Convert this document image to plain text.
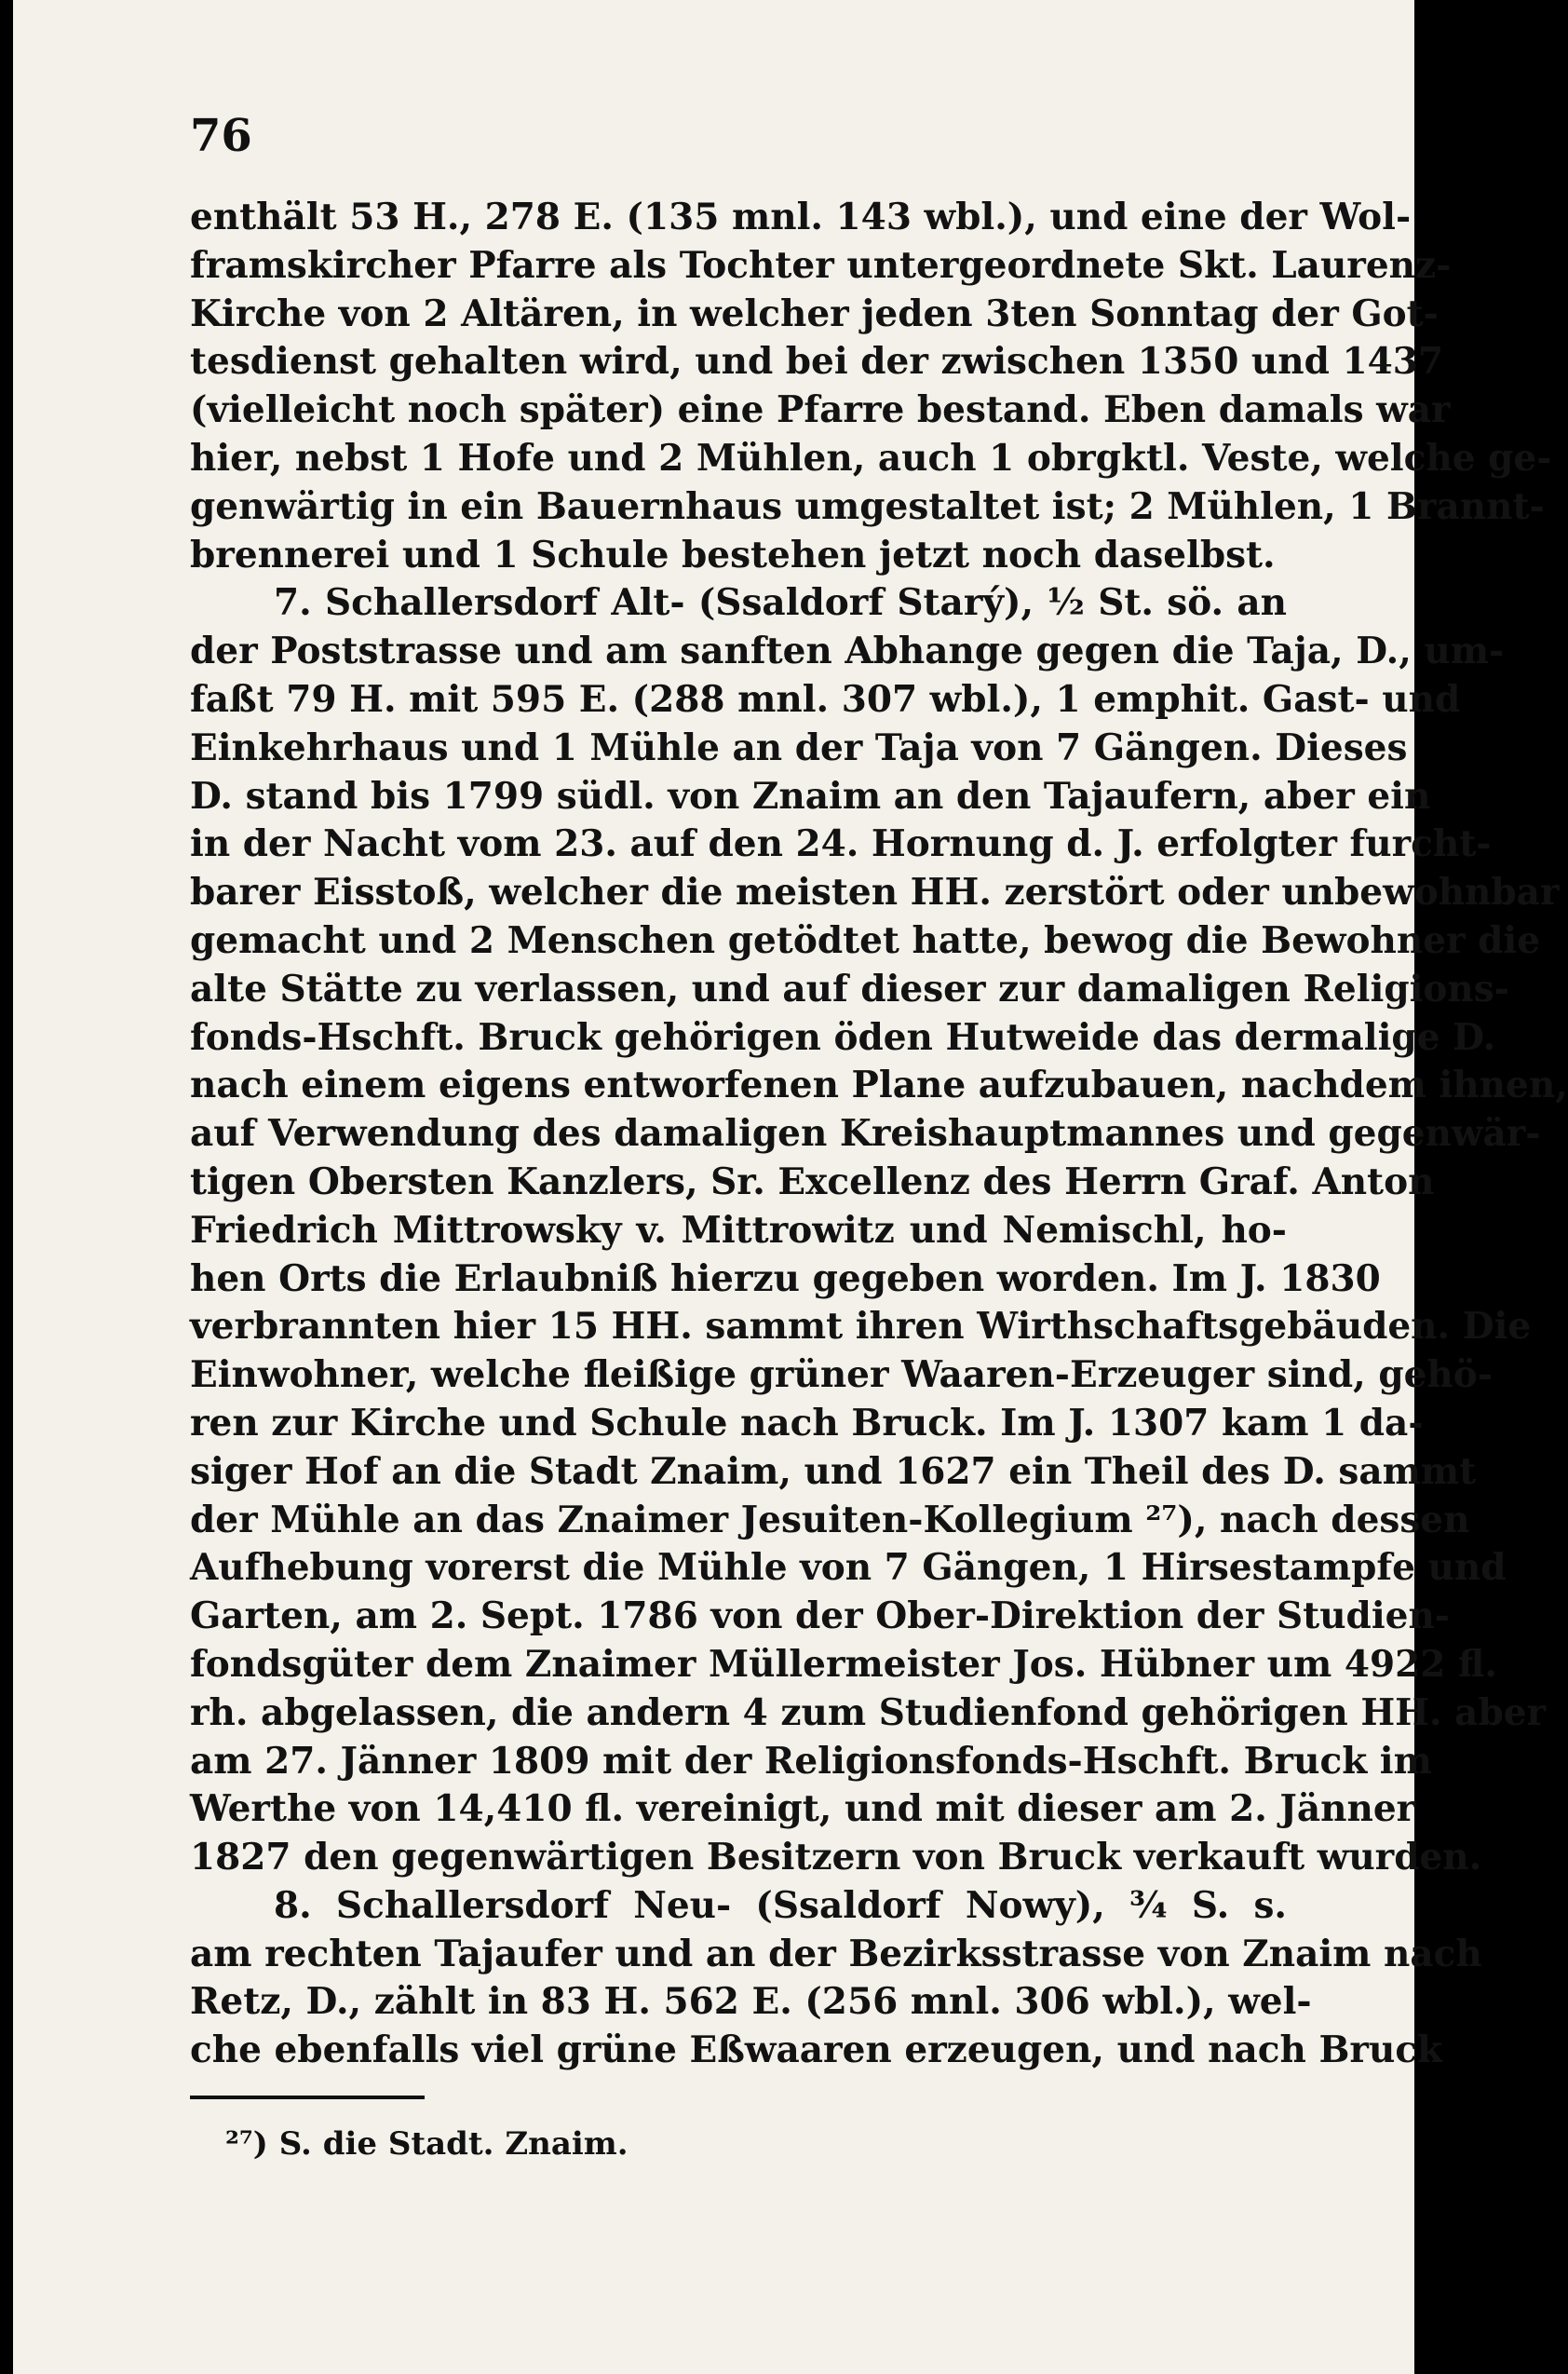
76
enthält 53 H., 278 E. (135 mnl. 143 wbl.), und eine der Wol-
framskircher Pfarre als Tochter untergeordnete Skt. Laurenz-
Kirche von 2 Altären, in welcher jeden 3ten Sonntag der Got-
tesdienst gehalten wird, und bei der zwischen 1350 und 1437
(vielleicht noch später) eine Pfarre bestand. Eben damals war
hier, nebst 1 Hofe und 2 Mühlen, auch 1 obrgktl. Veste, welche ge-
genwärtig in ein Bauernhaus umgestaltet ist; 2 Mühlen, 1 Brannt-
brennerei und 1 Schule bestehen jetzt noch daselbst.
7. Schallersdorf Alt- (Ssaldorf Starý), ½ St. sö. an
der Poststrasse und am sanften Abhange gegen die Taja, D., um-
faßt 79 H. mit 595 E. (288 mnl. 307 wbl.), 1 emphit. Gast- und
Einkehrhaus und 1 Mühle an der Taja von 7 Gängen. Dieses
D. stand bis 1799 südl. von Znaim an den Tajaufern, aber ein
in der Nacht vom 23. auf den 24. Hornung d. J. erfolgter furcht-
barer Eisstoß, welcher die meisten HH. zerstört oder unbewohnbar
gemacht und 2 Menschen getödtet hatte, bewog die Bewohner die
alte Stätte zu verlassen, und auf dieser zur damaligen Religions-
fonds-Hschft. Bruck gehörigen öden Hutweide das dermalige D.
nach einem eigens entworfenen Plane aufzubauen, nachdem ihnen,
auf Verwendung des damaligen Kreishauptmannes und gegenwär-
tigen Obersten Kanzlers, Sr. Excellenz des Herrn Graf. Anton
Friedrich Mittrowsky v. Mittrowitz und Nemischl, ho-
hen Orts die Erlaubniß hierzu gegeben worden. Im J. 1830
verbrannten hier 15 HH. sammt ihren Wirthschaftsgebäuden. Die
Einwohner, welche fleißige grüner Waaren-Erzeuger sind, gehö-
ren zur Kirche und Schule nach Bruck. Im J. 1307 kam 1 da-
siger Hof an die Stadt Znaim, und 1627 ein Theil des D. sammt
der Mühle an das Znaimer Jesuiten-Kollegium ²⁷), nach dessen
Aufhebung vorerst die Mühle von 7 Gängen, 1 Hirsestampfe und
Garten, am 2. Sept. 1786 von der Ober-Direktion der Studien-
fondsgüter dem Znaimer Müllermeister Jos. Hübner um 4922 fl.
rh. abgelassen, die andern 4 zum Studienfond gehörigen HH. aber
am 27. Jänner 1809 mit der Religionsfonds-Hschft. Bruck im
Werthe von 14,410 fl. vereinigt, und mit dieser am 2. Jänner
1827 den gegenwärtigen Besitzern von Bruck verkauft wurden.
8. Schallersdorf Neu- (Ssaldorf Nowy), ¾ S. s.
am rechten Tajaufer und an der Bezirksstrasse von Znaim nach
Retz, D., zählt in 83 H. 562 E. (256 mnl. 306 wbl.), wel-
che ebenfalls viel grüne Eßwaaren erzeugen, und nach Bruck
²⁷) S. die Stadt. Znaim.
